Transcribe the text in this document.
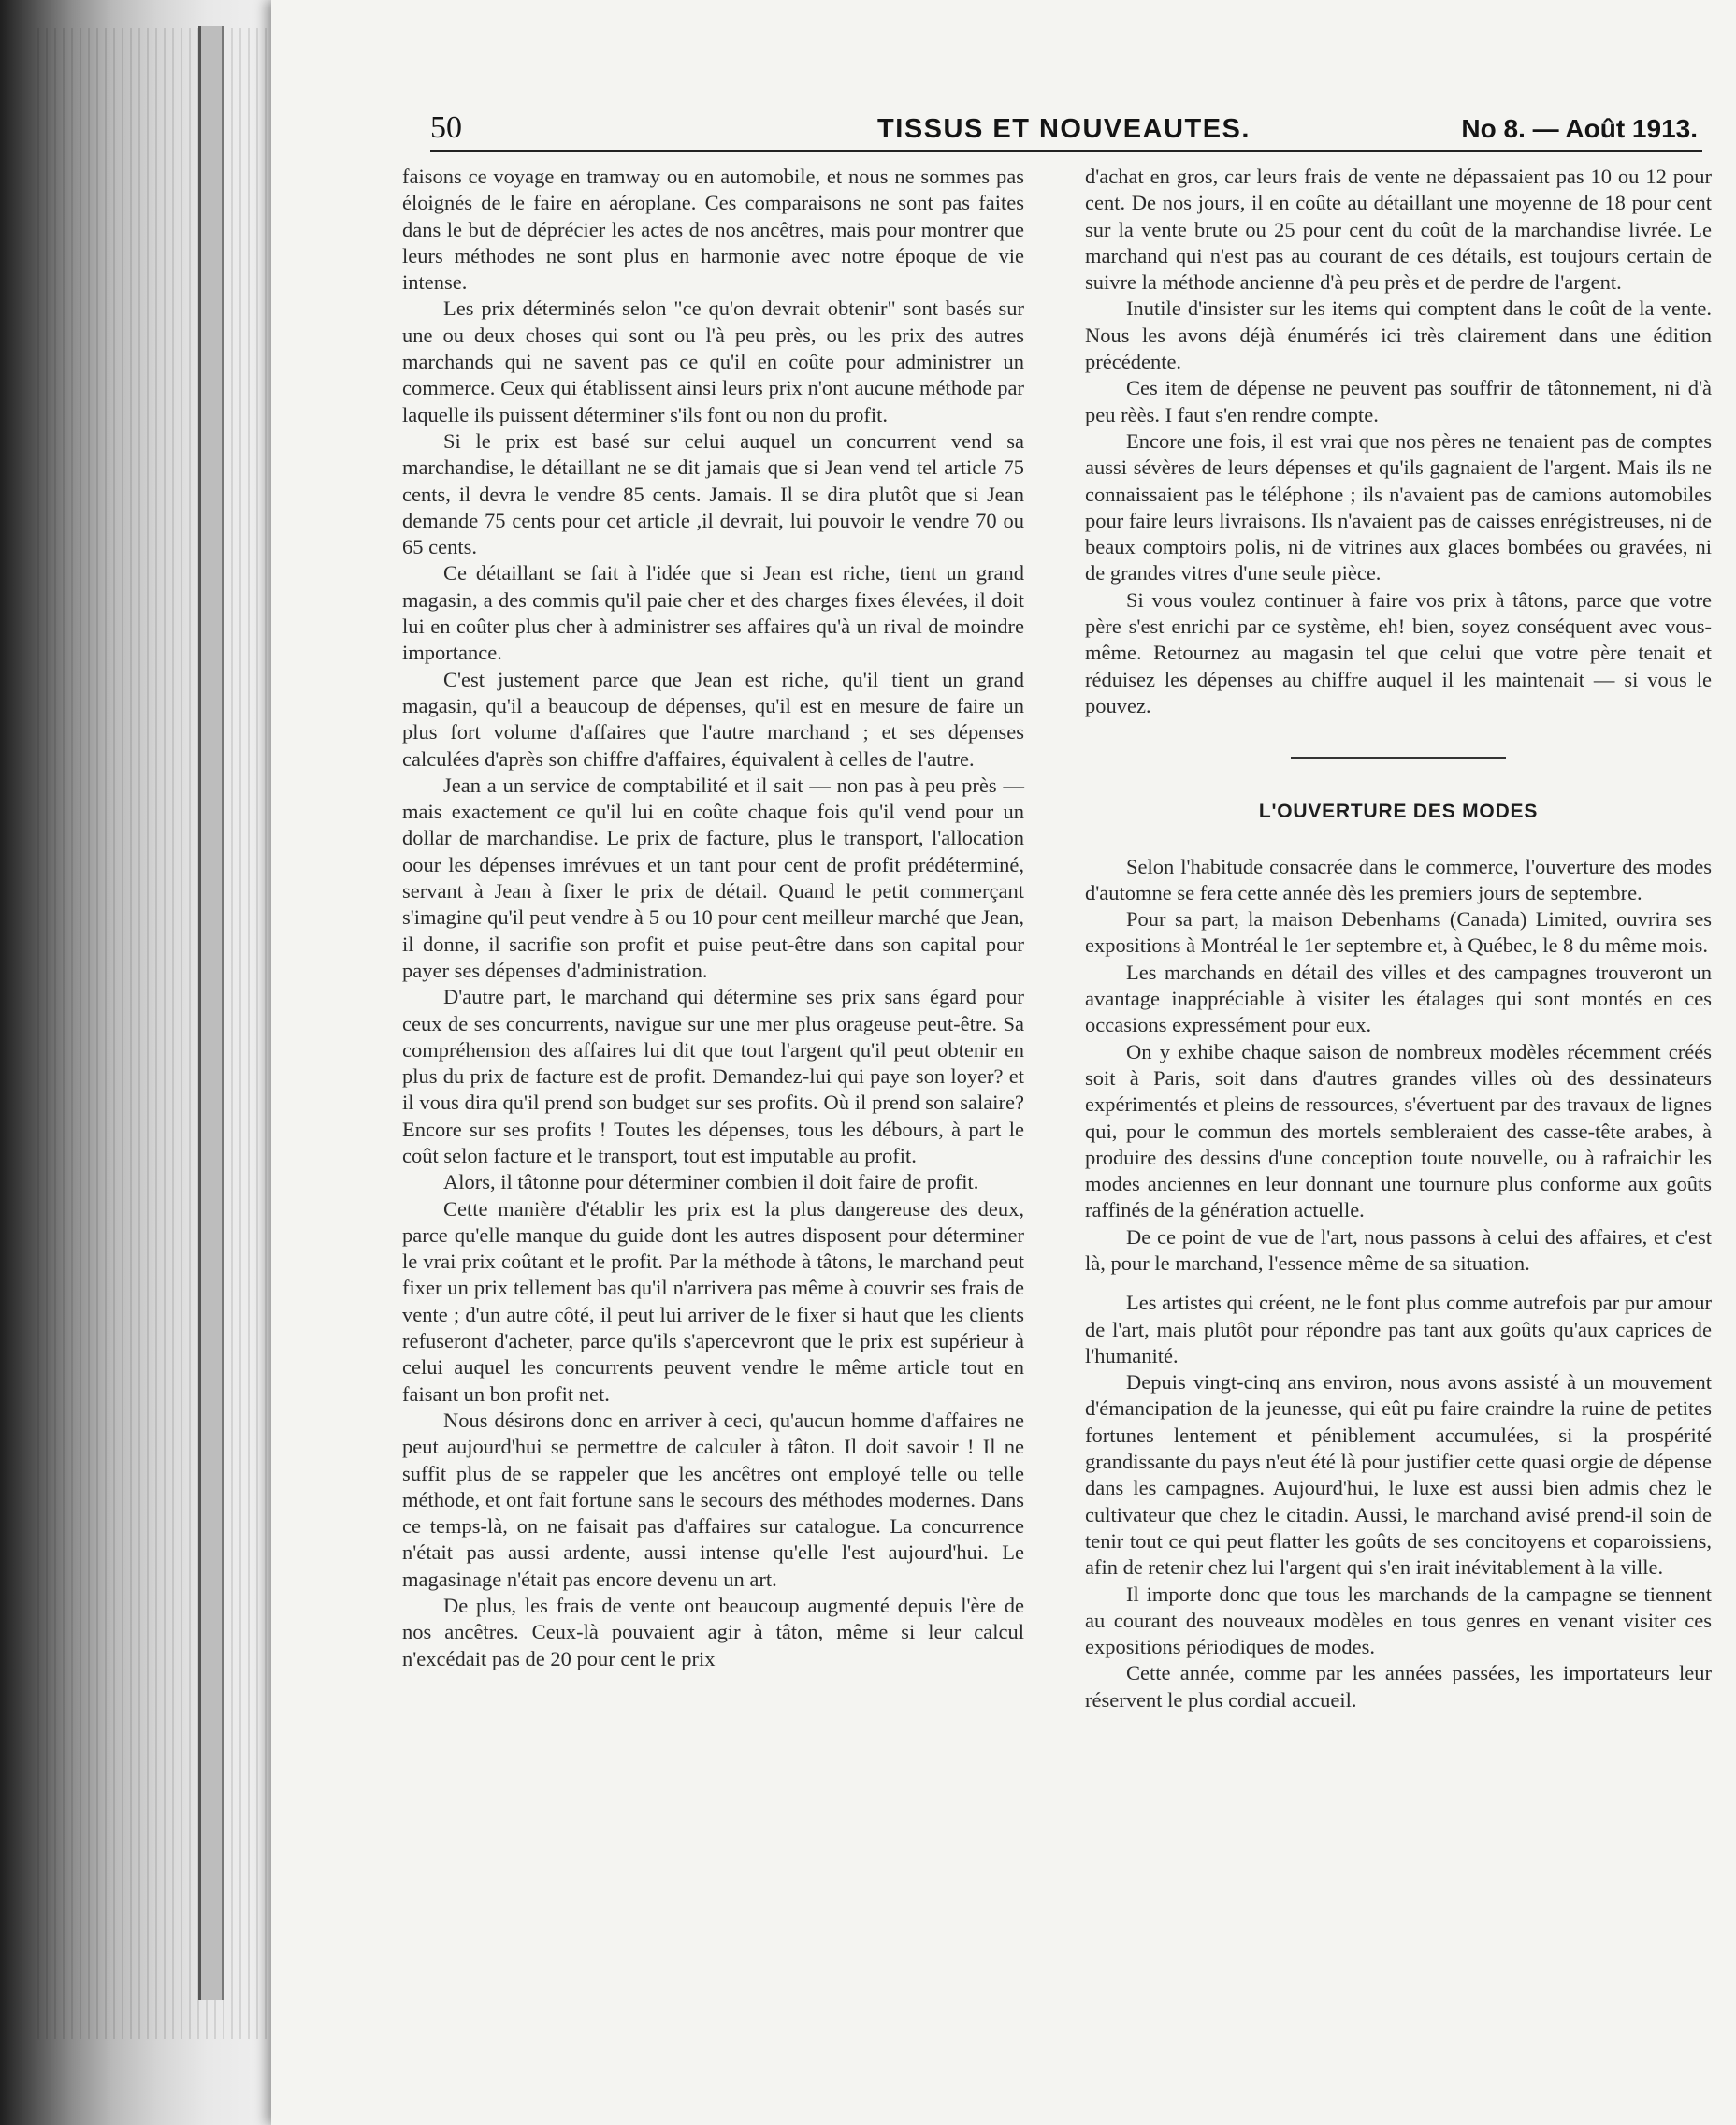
50	TISSUS ET NOUVEAUTES.	No 8. — Août 1913.

faisons ce voyage en tramway ou en automobile, et nous ne sommes pas éloignés de le faire en aéroplane. Ces comparaisons ne sont pas faites dans le but de déprécier les actes de nos ancêtres, mais pour montrer que leurs méthodes ne sont plus en harmonie avec notre époque de vie intense.

Les prix déterminés selon "ce qu'on devrait obtenir" sont basés sur une ou deux choses qui sont ou l'à peu près, ou les prix des autres marchands qui ne savent pas ce qu'il en coûte pour administrer un commerce. Ceux qui établissent ainsi leurs prix n'ont aucune méthode par laquelle ils puissent déterminer s'ils font ou non du profit.

Si le prix est basé sur celui auquel un concurrent vend sa marchandise, le détaillant ne se dit jamais que si Jean vend tel article 75 cents, il devra le vendre 85 cents. Jamais. Il se dira plutôt que si Jean demande 75 cents pour cet article ,il devrait, lui pouvoir le vendre 70 ou 65 cents.

Ce détaillant se fait à l'idée que si Jean est riche, tient un grand magasin, a des commis qu'il paie cher et des charges fixes élevées, il doit lui en coûter plus cher à administrer ses affaires qu'à un rival de moindre importance.

C'est justement parce que Jean est riche, qu'il tient un grand magasin, qu'il a beaucoup de dépenses, qu'il est en mesure de faire un plus fort volume d'affaires que l'autre marchand ; et ses dépenses calculées d'après son chiffre d'affaires, équivalent à celles de l'autre.

Jean a un service de comptabilité et il sait — non pas à peu près —mais exactement ce qu'il lui en coûte chaque fois qu'il vend pour un dollar de marchandise. Le prix de facture, plus le transport, l'allocation oour les dépenses imrévues et un tant pour cent de profit prédéterminé, servant à Jean à fixer le prix de détail. Quand le petit commerçant s'imagine qu'il peut vendre à 5 ou 10 pour cent meilleur marché que Jean, il donne, il sacrifie son profit et puise peut-être dans son capital pour payer ses dépenses d'administration.

D'autre part, le marchand qui détermine ses prix sans égard pour ceux de ses concurrents, navigue sur une mer plus orageuse peut-être. Sa compréhension des affaires lui dit que tout l'argent qu'il peut obtenir en plus du prix de facture est de profit. Demandez-lui qui paye son loyer? et il vous dira qu'il prend son budget sur ses profits. Où il prend son salaire? Encore sur ses profits ! Toutes les dépenses, tous les débours, à part le coût selon facture et le transport, tout est imputable au profit.

Alors, il tâtonne pour déterminer combien il doit faire de profit.

Cette manière d'établir les prix est la plus dangereuse des deux, parce qu'elle manque du guide dont les autres disposent pour déterminer le vrai prix coûtant et le profit. Par la méthode à tâtons, le marchand peut fixer un prix tellement bas qu'il n'arrivera pas même à couvrir ses frais de vente ; d'un autre côté, il peut lui arriver de le fixer si haut que les clients refuseront d'acheter, parce qu'ils s'apercevront que le prix est supérieur à celui auquel les concurrents peuvent vendre le même article tout en faisant un bon profit net.

Nous désirons donc en arriver à ceci, qu'aucun homme d'affaires ne peut aujourd'hui se permettre de calculer à tâton. Il doit savoir ! Il ne suffit plus de se rappeler que les ancêtres ont employé telle ou telle méthode, et ont fait fortune sans le secours des méthodes modernes. Dans ce temps-là, on ne faisait pas d'affaires sur catalogue. La concurrence n'était pas aussi ardente, aussi intense qu'elle l'est aujourd'hui. Le magasinage n'était pas encore devenu un art.

De plus, les frais de vente ont beaucoup augmenté depuis l'ère de nos ancêtres. Ceux-là pouvaient agir à tâton, même si leur calcul n'excédait pas de 20 pour cent le prix

d'achat en gros, car leurs frais de vente ne dépassaient pas 10 ou 12 pour cent. De nos jours, il en coûte au détaillant une moyenne de 18 pour cent sur la vente brute ou 25 pour cent du coût de la marchandise livrée. Le marchand qui n'est pas au courant de ces détails, est toujours certain de suivre la méthode ancienne d'à peu près et de perdre de l'argent.

Inutile d'insister sur les items qui comptent dans le coût de la vente. Nous les avons déjà énumérés ici très clairement dans une édition précédente.

Ces item de dépense ne peuvent pas souffrir de tâtonnement, ni d'à peu rèès. I faut s'en rendre compte.

Encore une fois, il est vrai que nos pères ne tenaient pas de comptes aussi sévères de leurs dépenses et qu'ils gagnaient de l'argent. Mais ils ne connaissaient pas le téléphone ; ils n'avaient pas de camions automobiles pour faire leurs livraisons. Ils n'avaient pas de caisses enrégistreuses, ni de beaux comptoirs polis, ni de vitrines aux glaces bombées ou gravées, ni de grandes vitres d'une seule pièce.

Si vous voulez continuer à faire vos prix à tâtons, parce que votre père s'est enrichi par ce système, eh! bien, soyez conséquent avec vous-même. Retournez au magasin tel que celui que votre père tenait et réduisez les dépenses au chiffre auquel il les maintenait — si vous le pouvez.

L'OUVERTURE DES MODES

Selon l'habitude consacrée dans le commerce, l'ouverture des modes d'automne se fera cette année dès les premiers jours de septembre.

Pour sa part, la maison Debenhams (Canada) Limited, ouvrira ses expositions à Montréal le 1er septembre et, à Québec, le 8 du même mois.

Les marchands en détail des villes et des campagnes trouveront un avantage inappréciable à visiter les étalages qui sont montés en ces occasions expressément pour eux.

On y exhibe chaque saison de nombreux modèles récemment créés soit à Paris, soit dans d'autres grandes villes où des dessinateurs expérimentés et pleins de ressources, s'évertuent par des travaux de lignes qui, pour le commun des mortels sembleraient des casse-tête arabes, à produire des dessins d'une conception toute nouvelle, ou à rafraichir les modes anciennes en leur donnant une tournure plus conforme aux goûts raffinés de la génération actuelle.

De ce point de vue de l'art, nous passons à celui des affaires, et c'est là, pour le marchand, l'essence même de sa situation.

Les artistes qui créent, ne le font plus comme autrefois par pur amour de l'art, mais plutôt pour répondre pas tant aux goûts qu'aux caprices de l'humanité.

Depuis vingt-cinq ans environ, nous avons assisté à un mouvement d'émancipation de la jeunesse, qui eût pu faire craindre la ruine de petites fortunes lentement et péniblement accumulées, si la prospérité grandissante du pays n'eut été là pour justifier cette quasi orgie de dépense dans les campagnes. Aujourd'hui, le luxe est aussi bien admis chez le cultivateur que chez le citadin. Aussi, le marchand avisé prend-il soin de tenir tout ce qui peut flatter les goûts de ses concitoyens et coparoissiens, afin de retenir chez lui l'argent qui s'en irait inévitablement à la ville.

Il importe donc que tous les marchands de la campagne se tiennent au courant des nouveaux modèles en tous genres en venant visiter ces expositions périodiques de modes.

Cette année, comme par les années passées, les importateurs leur réservent le plus cordial accueil.
